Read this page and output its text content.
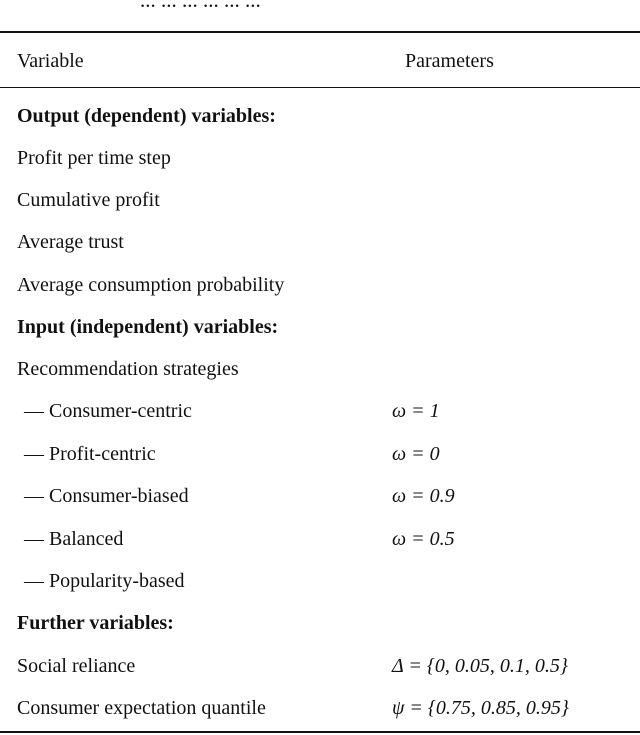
... ... ... ... ... ...
Variable	Parameters
Output (dependent) variables:
Profit per time step
Cumulative profit
Average trust
Average consumption probability
Input (independent) variables:
Recommendation strategies
— Consumer-centric	ω = 1
— Profit-centric	ω = 0
— Consumer-biased	ω = 0.9
— Balanced	ω = 0.5
— Popularity-based
Further variables:
Social reliance	Δ = {0, 0.05, 0.1, 0.5}
Consumer expectation quantile	ψ = {0.75, 0.85, 0.95}
